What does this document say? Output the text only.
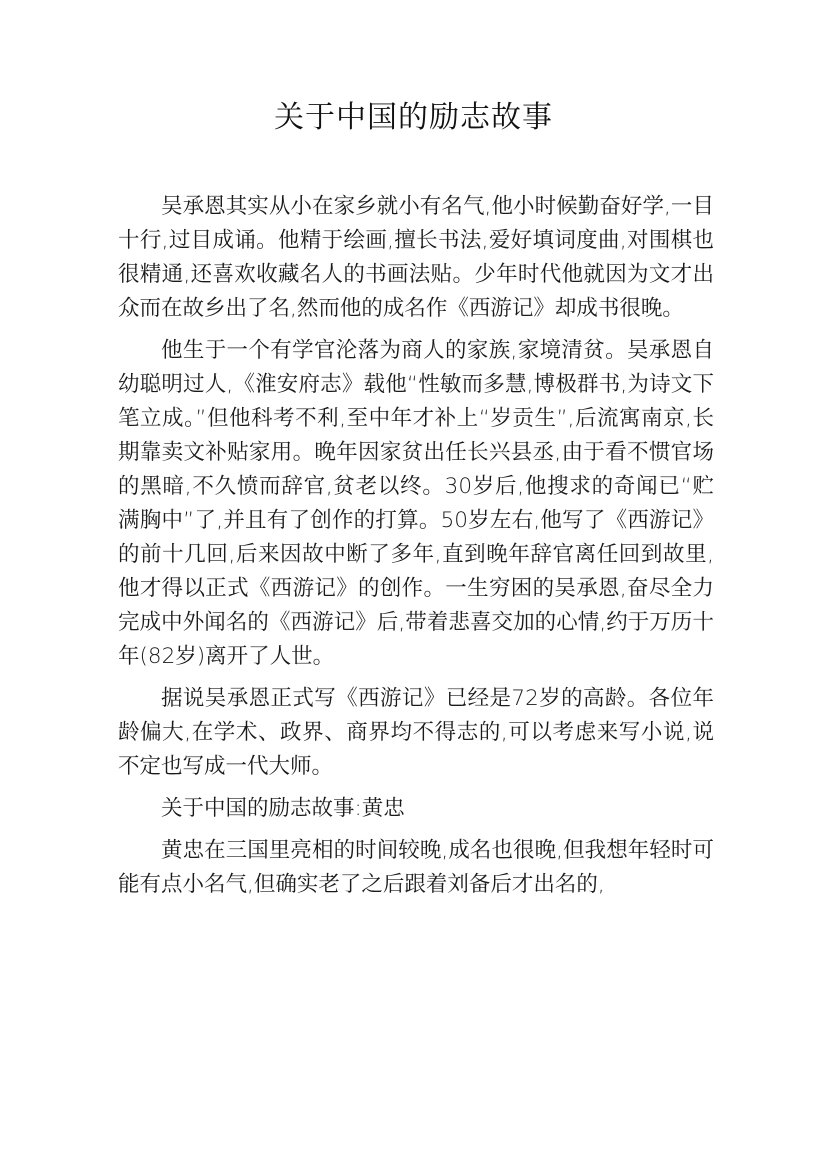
关于中国的励志故事

吴承恩其实从小在家乡就小有名气,他小时候勤奋好学,一目十行,过目成诵。他精于绘画,擅长书法,爱好填词度曲,对围棋也很精通,还喜欢收藏名人的书画法贴。少年时代他就因为文才出众而在故乡出了名,然而他的成名作《西游记》却成书很晚。

他生于一个有学官沦落为商人的家族,家境清贫。吴承恩自幼聪明过人,《淮安府志》载他“性敏而多慧,博极群书,为诗文下笔立成。”但他科考不利,至中年才补上“岁贡生”,后流寓南京,长期靠卖文补贴家用。晚年因家贫出任长兴县丞,由于看不惯官场的黑暗,不久愤而辞官,贫老以终。30岁后,他搜求的奇闻已“贮满胸中”了,并且有了创作的打算。50岁左右,他写了《西游记》的前十几回,后来因故中断了多年,直到晚年辞官离任回到故里,他才得以正式《西游记》的创作。一生穷困的吴承恩,奋尽全力完成中外闻名的《西游记》后,带着悲喜交加的心情,约于万历十年(82岁)离开了人世。

据说吴承恩正式写《西游记》已经是72岁的高龄。各位年龄偏大,在学术、政界、商界均不得志的,可以考虑来写小说,说不定也写成一代大师。

关于中国的励志故事:黄忠

黄忠在三国里亮相的时间较晚,成名也很晚,但我想年轻时可能有点小名气,但确实老了之后跟着刘备后才出名的,
